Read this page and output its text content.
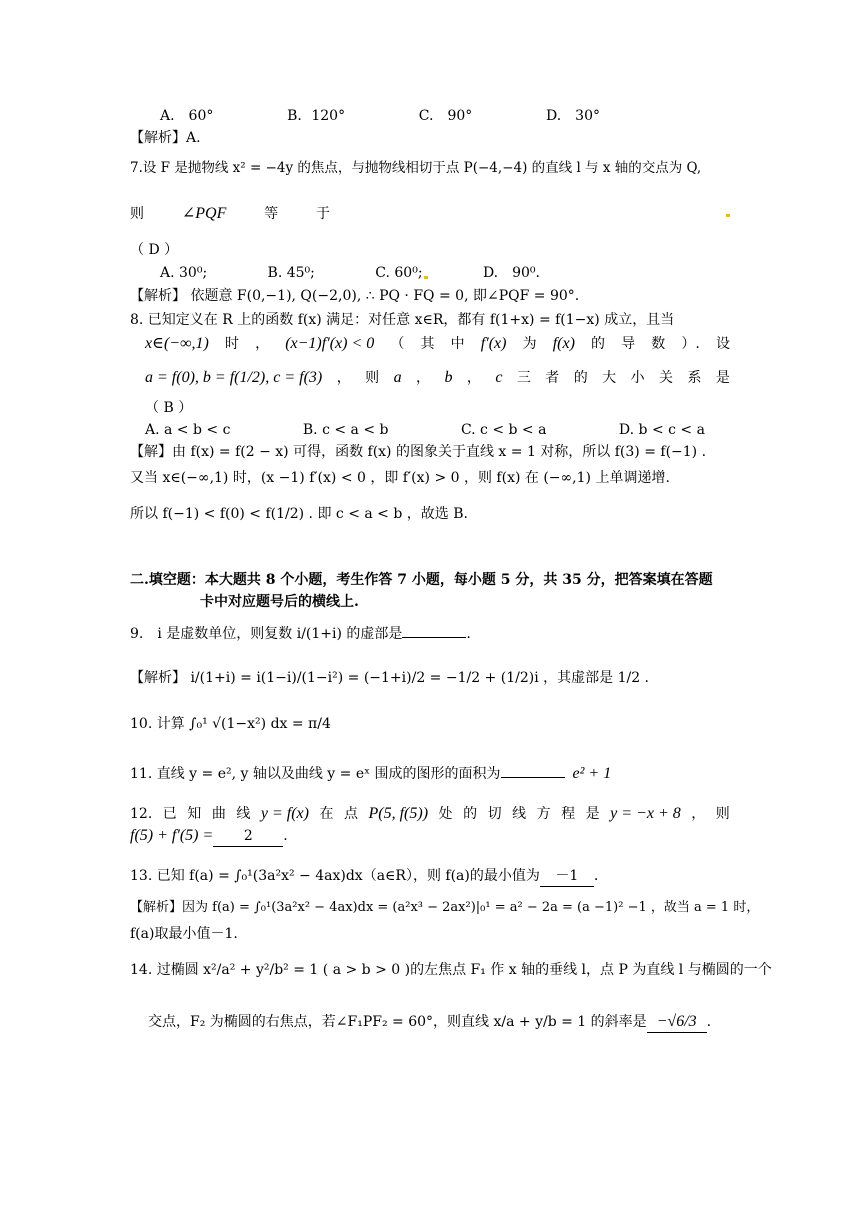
A.　60°	B．120°	C.　90°	D.　30°
【解析】A.
7.设 F 是抛物线 x² = −4y 的焦点，与抛物线相切于点 P(−4,−4) 的直线 l 与 x 轴的交点为 Q,
则 ∠PQF	等	于
（ D ）
A. 30⁰;	B. 45⁰;	C. 60⁰;	D.　90⁰.
【解析】 依题意 F(0,−1), Q(−2,0), ∴ PQ · FQ = 0, 即∠PQF = 90°.
8. 已知定义在 R 上的函数 f(x) 满足：对任意 x∈R，都有 f(1+x) = f(1−x) 成立，且当
x∈(−∞,1) 时 ， (x−1)f′(x) < 0 （ 其 中 f′(x) 为 f(x) 的 导 数 ）. 设
a = f(0), b = f(1/2), c = f(3) ， 则 a ， b ， c 三 者 的 大 小 关 系 是
（ B ）
A. a < b < c	B. c < a < b	C. c < b < a	D. b < c < a
【解】由 f(x) = f(2 − x) 可得，函数 f(x) 的图象关于直线 x = 1 对称，所以 f(3) = f(−1) .
又当 x∈(−∞,1) 时，(x −1) f′(x) < 0 ，即 f′(x) > 0 ，则 f(x) 在 (−∞,1) 上单调递增.
所以 f(−1) < f(0) < f(1/2) . 即 c < a < b ，故选 B.
二.填空题：本大题共 8 个小题，考生作答 7 小题，每小题 5 分，共 35 分，把答案填在答题
卡中对应题号后的横线上.
9.　i 是虚数单位，则复数 i/(1+i) 的虚部是	.
【解析】 i/(1+i) = i(1−i)/(1−i²) = (−1+i)/2 = −1/2 + (1/2)i ，其虚部是 1/2 .
10. 计算 ∫₀¹ √(1−x²) dx = π/4
11. 直线 y = e², y 轴以及曲线 y = eˣ 围成的图形的面积为	e² + 1
12. 已 知 曲 线 y = f(x) 在 点 P(5, f(5)) 处 的 切 线 方 程 是 y = −x + 8 ， 则
f(5) + f′(5) = 2 .
13. 已知 f(a) = ∫₀¹(3a²x² − 4ax)dx（a∈R），则 f(a)的最小值为 －1 .
【解析】因为 f(a) = ∫₀¹(3a²x² − 4ax)dx = (a²x³ − 2ax²)|₀¹ = a² − 2a = (a −1)² −1 ，故当 a = 1 时，
f(a)取最小值－1.
14. 过椭圆 x²/a² + y²/b² = 1 ( a > b > 0 )的左焦点 F₁ 作 x 轴的垂线 l，点 P 为直线 l 与椭圆的一个
交点，F₂ 为椭圆的右焦点，若∠F₁PF₂ = 60°，则直线 x/a + y/b = 1 的斜率是 −√6/3 .
